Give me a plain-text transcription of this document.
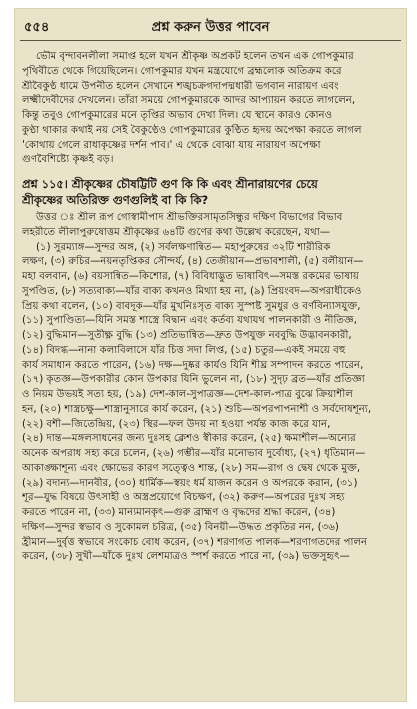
৫৫৪	প্রশ্ন করুন উত্তর পাবেন
ভৌম বৃন্দাবনলীলা সমাপ্ত হলে যখন শ্রীকৃষ্ণ অপ্রকট হলেন তখন এক গোপকুমার
পৃথিবীতে থেকে গিয়েছিলেন। গোপকুমার যখন মন্ত্রযোগে ব্রহ্মলোক অতিক্রম করে
শ্রীবৈকুণ্ঠ ধামে উপনীত হলেন সেখানে শঙ্খচক্রগদাপদ্মধারী ভগবান নারায়ণ এবং
লক্ষ্মীদেবীদের দেখলেন। তাঁরা সময়ে গোপকুমারকে আদর আপ্যায়ন করতে লাগলেন,
কিন্তু তবুও গোপকুমারের মনে তৃপ্তির অভাব দেখা দিল। যে স্থানে কারও কোনও
কুণ্ঠা থাকার কথাই নয় সেই বৈকুণ্ঠেও গোপকুমারের কুণ্ঠিত হৃদয় অপেক্ষা করতে লাগল
'কোথায় গেলে রাধাকৃষ্ণের দর্শন পাব।' এ থেকে বোঝা যায় নারায়ণ অপেক্ষা
গুণবৈশিষ্ট্যে কৃষ্ণই বড়।
প্রশ্ন ১১৫। শ্রীকৃষ্ণের চৌষট্টিটি গুণ কি কি এবং শ্রীনারায়ণের চেয়ে
শ্রীকৃষ্ণের অতিরিক্ত গুণগুলিই বা কি কি?
উত্তর ঃ শ্রীল রূপ গোস্বামীপাদ শ্রীভক্তিরসামৃতসিন্ধুর দক্ষিণ বিভাগের বিভাব
লহরীতে লীলাপুরুষোত্তম শ্রীকৃষ্ণের ৬৪টি গুণের কথা উল্লেখ করেছেন, যথা—
(১) সুরম্যাঙ্গ—সুন্দর অঙ্গ, (২) সর্বলক্ষণান্বিত— মহাপুরুষের ৩২টি শারীরিক
লক্ষণ, (৩) রুচির—নয়নতৃপ্তিকর সৌন্দর্য, (৪) তেজীয়ান—প্রভাবশালী, (৫) বলীয়ান—
মহা বলবান, (৬) বয়সান্বিত—কিশোর, (৭) বিবিধাদ্ভুত ভাষাবিৎ—সমস্ত রকমের ভাষায়
সুপণ্ডিত, (৮) সত্যবাক্য—যাঁর বাক্য কখনও মিথ্যা হয় না, (৯) প্রিয়ংবদ—অপরাধীকেও
প্রিয় কথা বলেন, (১০) বাবদূক—যাঁর মুখনিঃসৃত বাক্য সুস্পষ্ট সুমধুর ও বর্ণবিন্যাসযুক্ত,
(১১) সুপাণ্ডিত্য—যিনি সমস্ত শাস্ত্রে বিদ্বান এবং কর্তব্য যথাযথ পালনকারী ও নীতিজ্ঞ,
(১২) বুদ্ধিমান—সুতীক্ষ্ণ বুদ্ধি (১৩) প্রতিভান্বিত—দ্রুত উপযুক্ত নববুদ্ধি উদ্ভাবনকারী,
(১৪) বিদগ্ধ—নানা কলাবিলাসে যাঁর চিত্ত সদা লিপ্ত, (১৫) চতুর—একই সময়ে বহু
কার্য সমাধান করতে পারেন, (১৬) দক্ষ—দুষ্কর কার্যও যিনি শীঘ্র সম্পাদন করতে পারেন,
(১৭) কৃতজ্ঞ—উপকারীর কোন উপকার যিনি ভুলেন না, (১৮) সুদৃঢ় ব্রত—যাঁর প্রতিজ্ঞা
ও নিয়ম উভয়ই সত্য হয়, (১৯) দেশ-কাল-সুপাত্রজ্ঞ—দেশ-কাল-পাত্র বুঝে ক্রিয়াশীল
হন, (২০) শাস্ত্রচক্ষু—শাস্ত্রানুসারে কার্য করেন, (২১) শুচি—অপরপাপনাশী ও সর্বদোষশূন্য,
(২২) বশী—জিতেন্দ্রিয়, (২৩) স্থির—ফল উদয় না হওয়া পর্যন্ত কাজ করে যান,
(২৪) দান্ত—মঙ্গলসাধনের জন্য দুঃসহ ক্লেশও স্বীকার করেন, (২৫) ক্ষমাশীল—অন্যের
অনেক অপরাধ সহ্য করে চলেন, (২৬) গম্ভীর—যাঁর মনোভাব দুর্বোধ্য, (২৭) ধৃতিমান—
আকাঙ্ক্ষাশূন্য এবং ক্ষোভের কারণ সত্ত্বেও শান্ত, (২৮) সম—রাগ ও দ্বেষ থেকে মুক্ত,
(২৯) বদান্য—দানবীর, (৩০) ধার্মিক—স্বয়ং ধর্ম যাজন করেন ও অপরকে করান, (৩১)
শূর—যুদ্ধ বিষয়ে উৎসাহী ও অস্ত্রপ্রয়োগে বিচক্ষণ, (৩২) করুণ—অপরের দুঃখ সহ্য
করতে পারেন না, (৩৩) মান্যমানকৃৎ—গুরু ব্রাহ্মণ ও বৃদ্ধদের শ্রদ্ধা করেন, (৩৪)
দক্ষিণ—সুন্দর স্বভাব ও সুকোমল চরিত্র, (৩৫) বিনয়ী—উদ্ধত প্রকৃতির নন, (৩৬)
হ্রীমান—দুর্বৃত্ত স্বভাবে সংকোচ বোধ করেন, (৩৭) শরণাগত পালক—শরণাগতদের পালন
করেন, (৩৮) সুখী—যাঁকে দুঃখ লেশমাত্রও স্পর্শ করতে পারে না, (৩৯) ভক্তসুহৃৎ—
